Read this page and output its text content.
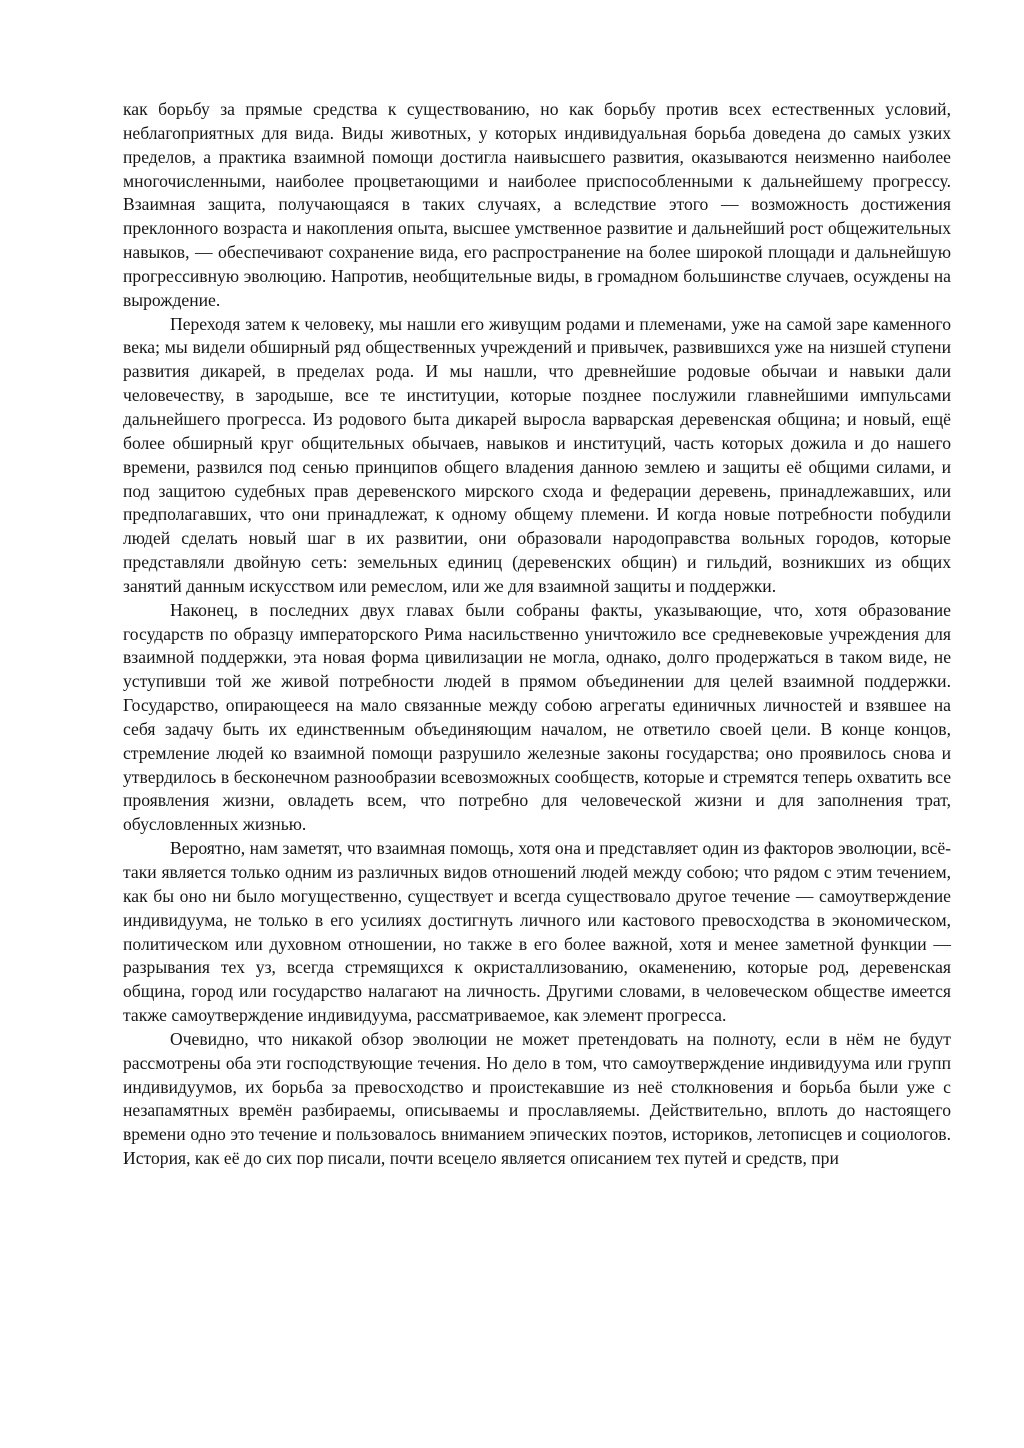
как борьбу за прямые средства к существованию, но как борьбу против всех естественных условий, неблагоприятных для вида. Виды животных, у которых индивидуальная борьба доведена до самых узких пределов, а практика взаимной помощи достигла наивысшего развития, оказываются неизменно наиболее многочисленными, наиболее процветающими и наиболее приспособленными к дальнейшему прогрессу. Взаимная защита, получающаяся в таких случаях, а вследствие этого — возможность достижения преклонного возраста и накопления опыта, высшее умственное развитие и дальнейший рост общежительных навыков, — обеспечивают сохранение вида, его распространение на более широкой площади и дальнейшую прогрессивную эволюцию. Напротив, необщительные виды, в громадном большинстве случаев, осуждены на вырождение.

Переходя затем к человеку, мы нашли его живущим родами и племенами, уже на самой заре каменного века; мы видели обширный ряд общественных учреждений и привычек, развившихся уже на низшей ступени развития дикарей, в пределах рода. И мы нашли, что древнейшие родовые обычаи и навыки дали человечеству, в зародыше, все те институции, которые позднее послужили главнейшими импульсами дальнейшего прогресса. Из родового быта дикарей выросла варварская деревенская община; и новый, ещё более обширный круг общительных обычаев, навыков и институций, часть которых дожила и до нашего времени, развился под сенью принципов общего владения данною землею и защиты её общими силами, и под защитою судебных прав деревенского мирского схода и федерации деревень, принадлежавших, или предполагавших, что они принадлежат, к одному общему племени. И когда новые потребности побудили людей сделать новый шаг в их развитии, они образовали народоправства вольных городов, которые представляли двойную сеть: земельных единиц (деревенских общин) и гильдий, возникших из общих занятий данным искусством или ремеслом, или же для взаимной защиты и поддержки.

Наконец, в последних двух главах были собраны факты, указывающие, что, хотя образование государств по образцу императорского Рима насильственно уничтожило все средневековые учреждения для взаимной поддержки, эта новая форма цивилизации не могла, однако, долго продержаться в таком виде, не уступивши той же живой потребности людей в прямом объединении для целей взаимной поддержки. Государство, опирающееся на мало связанные между собою агрегаты единичных личностей и взявшее на себя задачу быть их единственным объединяющим началом, не ответило своей цели. В конце концов, стремление людей ко взаимной помощи разрушило железные законы государства; оно проявилось снова и утвердилось в бесконечном разнообразии всевозможных сообществ, которые и стремятся теперь охватить все проявления жизни, овладеть всем, что потребно для человеческой жизни и для заполнения трат, обусловленных жизнью.

Вероятно, нам заметят, что взаимная помощь, хотя она и представляет один из факторов эволюции, всё-таки является только одним из различных видов отношений людей между собою; что рядом с этим течением, как бы оно ни было могущественно, существует и всегда существовало другое течение — самоутверждение индивидуума, не только в его усилиях достигнуть личного или кастового превосходства в экономическом, политическом или духовном отношении, но также в его более важной, хотя и менее заметной функции — разрывания тех уз, всегда стремящихся к окристаллизованию, окаменению, которые род, деревенская община, город или государство налагают на личность. Другими словами, в человеческом обществе имеется также самоутверждение индивидуума, рассматриваемое, как элемент прогресса.

Очевидно, что никакой обзор эволюции не может претендовать на полноту, если в нём не будут рассмотрены оба эти господствующие течения. Но дело в том, что самоутверждение индивидуума или групп индивидуумов, их борьба за превосходство и проистекавшие из неё столкновения и борьба были уже с незапамятных времён разбираемы, описываемы и прославляемы. Действительно, вплоть до настоящего времени одно это течение и пользовалось вниманием эпических поэтов, историков, летописцев и социологов. История, как её до сих пор писали, почти всецело является описанием тех путей и средств, при
